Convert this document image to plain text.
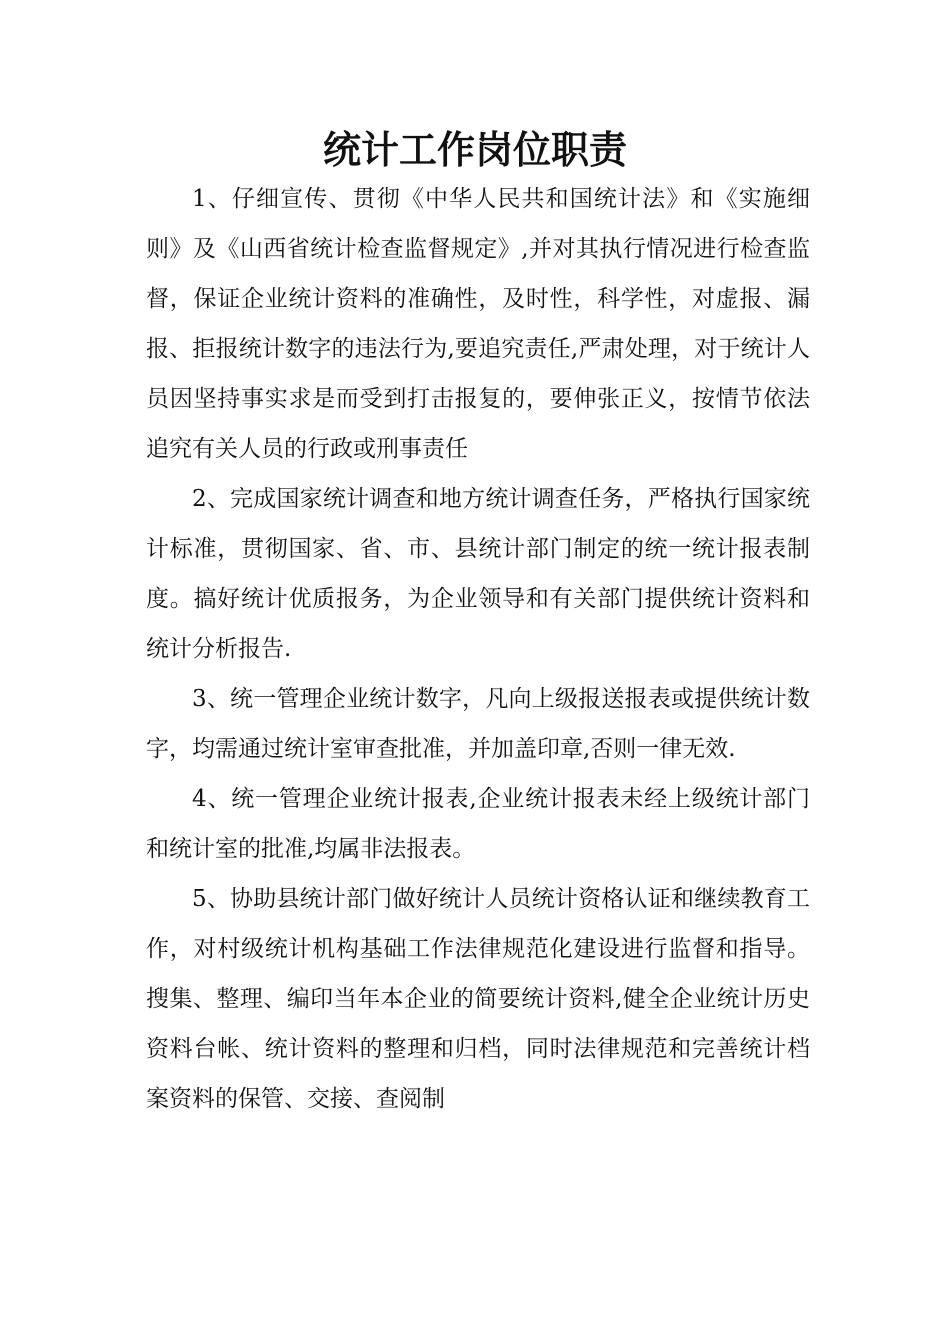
统计工作岗位职责

1、仔细宣传、贯彻《中华人民共和国统计法》和《实施细则》及《山西省统计检查监督规定》,并对其执行情况进行检查监督，保证企业统计资料的准确性，及时性，科学性，对虚报、漏报、拒报统计数字的违法行为,要追究责任,严肃处理，对于统计人员因坚持事实求是而受到打击报复的，要伸张正义，按情节依法追究有关人员的行政或刑事责任

2、完成国家统计调查和地方统计调查任务，严格执行国家统计标准，贯彻国家、省、市、县统计部门制定的统一统计报表制度。搞好统计优质报务，为企业领导和有关部门提供统计资料和统计分析报告.

3、统一管理企业统计数字，凡向上级报送报表或提供统计数字，均需通过统计室审查批准，并加盖印章,否则一律无效.

4、统一管理企业统计报表,企业统计报表未经上级统计部门和统计室的批准,均属非法报表。

5、协助县统计部门做好统计人员统计资格认证和继续教育工作，对村级统计机构基础工作法律规范化建设进行监督和指导。搜集、整理、编印当年本企业的简要统计资料,健全企业统计历史资料台帐、统计资料的整理和归档，同时法律规范和完善统计档案资料的保管、交接、查阅制
